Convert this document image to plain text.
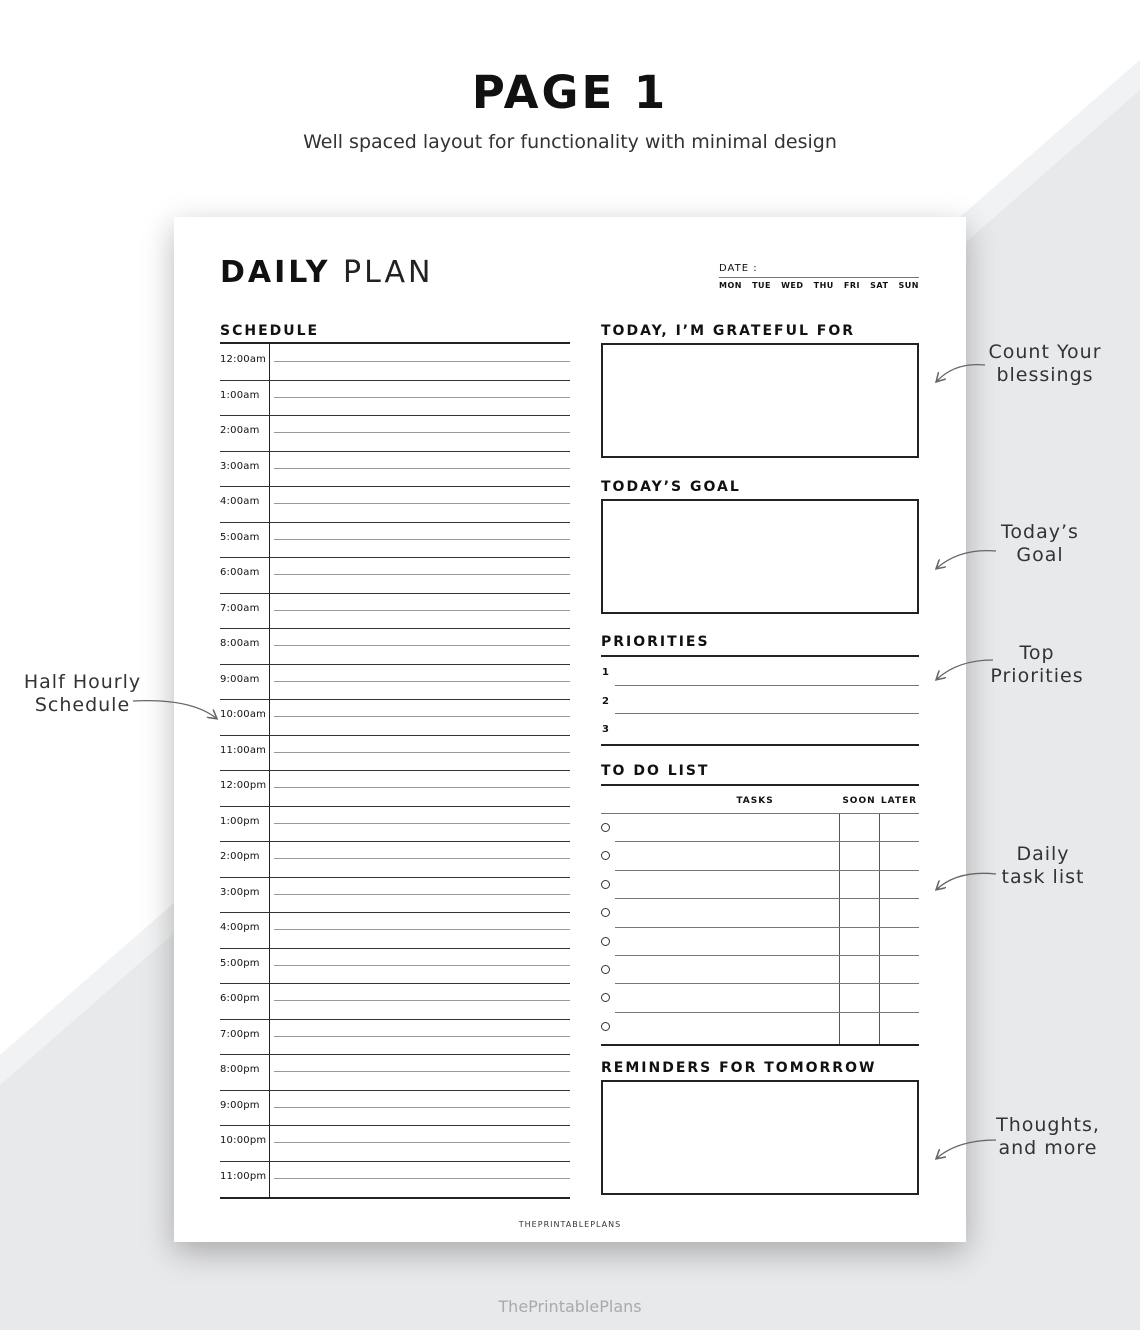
PAGE 1
Well spaced layout for functionality with minimal design
DAILY PLAN	DATE :
MON TUE WED THU FRI SAT SUN
SCHEDULE
12:00am
1:00am
2:00am
3:00am
4:00am
5:00am
6:00am
7:00am
8:00am
9:00am
10:00am
11:00am
12:00pm
1:00pm
2:00pm
3:00pm
4:00pm
5:00pm
6:00pm
7:00pm
8:00pm
9:00pm
10:00pm
11:00pm
TODAY, I’M GRATEFUL FOR
TODAY’S GOAL
PRIORITIES
1
2
3
TO DO LIST
TASKS	SOON LATER
REMINDERS FOR TOMORROW
THEPRINTABLEPLANS
Count Your
blessings
Today’s
Goal
Top
Priorities
Daily
task list
Thoughts,
and more
Half Hourly
Schedule
ThePrintablePlans
